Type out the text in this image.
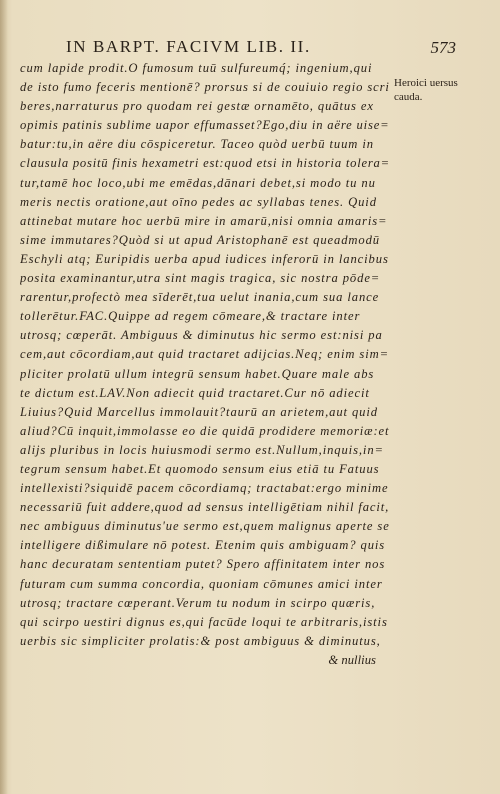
IN BARPT. FACIVM LIB. II.	573
Heroici uersus
cauda.
cum lapide prodit.O fumosum tuū sulfureumq́; ingenium,qui
de isto fumo feceris mentionē? prorsus si de couiuio regio scri
beres,narraturus pro quodam rei gestæ ornamēto, quātus ex
opimis patinis sublime uapor effumasset?Ego,diu in aëre uise=
batur:tu,in aëre diu cōspiceretur. Taceo quòd uerbū tuum in
clausula positū finis hexametri est:quod etsi in historia tolera=
tur,tamē hoc loco,ubi me emēdas,dānari debet,si modo tu nu
meris nectis oratione,aut oīno pedes ac syllabas tenes. Quid
attinebat mutare hoc uerbū mire in amarū,nisi omnia amaris=
sime immutares?Quòd si ut apud Aristophanē est queadmodū
Eschyli atq; Euripidis uerba apud iudices inferorū in lancibus
posita examinantur,utra sint magis tragica, sic nostra pōde=
rarentur,profectò mea sīderēt,tua uelut inania,cum sua lance
tollerētur.FAC.Quippe ad regem cōmeare,& tractare inter
utrosq; cœperāt. Ambiguus & diminutus hic sermo est:nisi pa
cem,aut cōcordiam,aut quid tractaret adijcias.Neq; enim sim=
pliciter prolatū ullum integrū sensum habet.Quare male abs
te dictum est.LAV.Non adiecit quid tractaret.Cur nō adiecit
Liuius?Quid Marcellus immolauit?taurū an arietem,aut quid
aliud?Cū inquit,immolasse eo die quidā prodidere memoriæ:et
alijs pluribus in locis huiusmodi sermo est.Nullum,inquis,in=
tegrum sensum habet.Et quomodo sensum eius etiā tu Fatuus
intellexisti?siquidē pacem cōcordiamq; tractabat:ergo minime
necessariū fuit addere,quod ad sensus intelligētiam nihil facit,
nec ambiguus diminutus'ue sermo est,quem malignus aperte se
intelligere dißimulare nō potest. Etenim quis ambiguam? quis
hanc decuratam sententiam putet? Spero affinitatem inter nos
futuram cum summa concordia, quoniam cōmunes amici inter
utrosq; tractare cœperant.Verum tu nodum in scirpo quæris,
qui scirpo uestiri dignus es,qui facūde loqui te arbitraris,istis
uerbis sic simpliciter prolatis:& post ambiguus & diminutus,
& nullius
